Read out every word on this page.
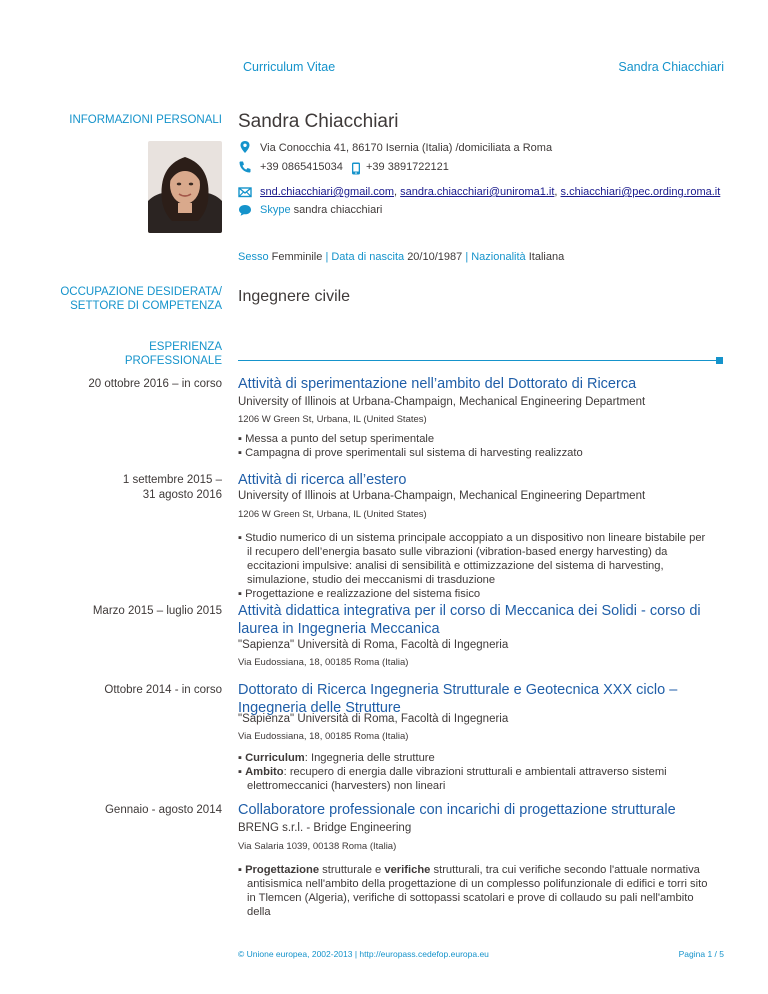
Curriculum Vitae	Sandra Chiacchiari
INFORMAZIONI PERSONALI Sandra Chiacchiari
Via Conocchia 41, 86170 Isernia (Italia) /domiciliata a Roma
+39 0865415034 +39 3891722121
snd.chiacchiari@gmail.com, sandra.chiacchiari@uniroma1.it, s.chiacchiari@pec.ording.roma.it
Skype sandra chiacchiari
Sesso Femminile | Data di nascita 20/10/1987 | Nazionalità Italiana
OCCUPAZIONE DESIDERATA/
SETTORE DI COMPETENZA
Ingegnere civile
ESPERIENZA
PROFESSIONALE
20 ottobre 2016 – in corso Attività di sperimentazione nell’ambito del Dottorato di Ricerca
University of Illinois at Urbana-Champaign, Mechanical Engineering Department
1206 W Green St, Urbana, IL (United States)
▪ Messa a punto del setup sperimentale
▪ Campagna di prove sperimentali sul sistema di harvesting realizzato
1 settembre 2015 –
31 agosto 2016
Attività di ricerca all’estero
University of Illinois at Urbana-Champaign, Mechanical Engineering Department
1206 W Green St, Urbana, IL (United States)
▪ Studio numerico di un sistema principale accoppiato a un dispositivo non lineare bistabile per il recupero dell’energia basato sulle vibrazioni (vibration-based energy harvesting) da eccitazioni impulsive: analisi di sensibilità e ottimizzazione del sistema di harvesting, simulazione, studio dei meccanismi di trasduzione
▪ Progettazione e realizzazione del sistema fisico
Marzo 2015 – luglio 2015 Attività didattica integrativa per il corso di Meccanica dei Solidi - corso di laurea in Ingegneria Meccanica
"Sapienza" Università di Roma, Facoltà di Ingegneria
Via Eudossiana, 18, 00185 Roma (Italia)
Ottobre 2014 - in corso Dottorato di Ricerca Ingegneria Strutturale e Geotecnica XXX ciclo – Ingegneria delle Strutture
"Sapienza" Università di Roma, Facoltà di Ingegneria
Via Eudossiana, 18, 00185 Roma (Italia)
▪ Curriculum: Ingegneria delle strutture
▪ Ambito: recupero di energia dalle vibrazioni strutturali e ambientali attraverso sistemi elettromeccanici (harvesters) non lineari
Gennaio - agosto 2014 Collaboratore professionale con incarichi di progettazione strutturale
BRENG s.r.l. - Bridge Engineering
Via Salaria 1039, 00138 Roma (Italia)
▪ Progettazione strutturale e verifiche strutturali, tra cui verifiche secondo l'attuale normativa antisismica nell'ambito della progettazione di un complesso polifunzionale di edifici e torri sito in Tlemcen (Algeria), verifiche di sottopassi scatolari e prove di collaudo su pali nell'ambito della
© Unione europea, 2002-2013 | http://europass.cedefop.europa.eu	Pagina 1 / 5
